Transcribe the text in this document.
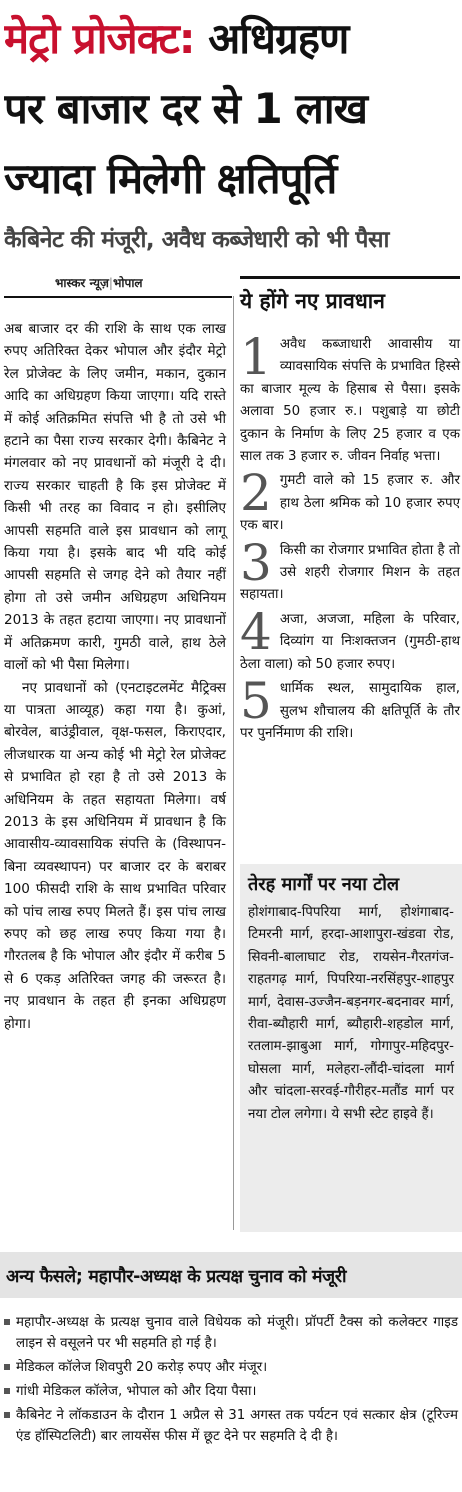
मेट्रो प्रोजेक्ट: अधिग्रहण
पर बाजार दर से 1 लाख
ज्यादा मिलेगी क्षतिपूर्ति
कैबिनेट की मंजूरी, अवैध कब्जेधारी को भी पैसा
भास्कर न्यूज़|भोपाल

अब बाजार दर की राशि के साथ एक लाख रुपए अतिरिक्त देकर भोपाल और इंदौर मेट्रो रेल प्रोजेक्ट के लिए जमीन, मकान, दुकान आदि का अधिग्रहण किया जाएगा। यदि रास्ते में कोई अतिक्रमित संपत्ति भी है तो उसे भी हटाने का पैसा राज्य सरकार देगी। कैबिनेट ने मंगलवार को नए प्रावधानों को मंजूरी दे दी। राज्य सरकार चाहती है कि इस प्रोजेक्ट में किसी भी तरह का विवाद न हो। इसीलिए आपसी सहमति वाले इस प्रावधान को लागू किया गया है। इसके बाद भी यदि कोई आपसी सहमति से जगह देने को तैयार नहीं होगा तो उसे जमीन अधिग्रहण अधिनियम 2013 के तहत हटाया जाएगा। नए प्रावधानों में अतिक्रमण कारी, गुमठी वाले, हाथ ठेले वालों को भी पैसा मिलेगा।

नए प्रावधानों को (एनटाइटलमेंट मैट्रिक्स या पात्रता आव्यूह) कहा गया है। कुआं, बोरवेल, बाउंड्रीवाल, वृक्ष-फसल, किराएदार, लीजधारक या अन्य कोई भी मेट्रो रेल प्रोजेक्ट से प्रभावित हो रहा है तो उसे 2013 के अधिनियम के तहत सहायता मिलेगा। वर्ष 2013 के इस अधिनियम में प्रावधान है कि आवासीय-व्यावसायिक संपत्ति के (विस्थापन-बिना व्यवस्थापन) पर बाजार दर के बराबर 100 फीसदी राशि के साथ प्रभावित परिवार को पांच लाख रुपए मिलते हैं। इस पांच लाख रुपए को छह लाख रुपए किया गया है। गौरतलब है कि भोपाल और इंदौर में करीब 5 से 6 एकड़ अतिरिक्त जगह की जरूरत है। नए प्रावधान के तहत ही इनका अधिग्रहण होगा।

ये होंगे नए प्रावधान
1 अवैध कब्जाधारी आवासीय या व्यावसायिक संपत्ति के प्रभावित हिस्से का बाजार मूल्य के हिसाब से पैसा। इसके अलावा 50 हजार रु.। पशुबाड़े या छोटी दुकान के निर्माण के लिए 25 हजार व एक साल तक 3 हजार रु. जीवन निर्वाह भत्ता।
2 गुमटी वाले को 15 हजार रु. और हाथ ठेला श्रमिक को 10 हजार रुपए एक बार।
3 किसी का रोजगार प्रभावित होता है तो उसे शहरी रोजगार मिशन के तहत सहायता।
4 अजा, अजजा, महिला के परिवार, दिव्यांग या निःशक्तजन (गुमठी-हाथ ठेला वाला) को 50 हजार रुपए।
5 धार्मिक स्थल, सामुदायिक हाल, सुलभ शौचालय की क्षतिपूर्ति के तौर पर पुनर्निमाण की राशि।
तेरह मार्गों पर नया टोल
होशंगाबाद-पिपरिया मार्ग, होशंगाबाद-टिमरनी मार्ग, हरदा-आशापुरा-खंडवा रोड, सिवनी-बालाघाट रोड, रायसेन-गैरतगंज-राहतगढ़ मार्ग, पिपरिया-नरसिंहपुर-शाहपुर मार्ग, देवास-उज्जैन-बड़नगर-बदनावर मार्ग, रीवा-ब्यौहारी मार्ग, ब्यौहारी-शहडोल मार्ग, रतलाम-झाबुआ मार्ग, गोगापुर-महिदपुर-घोसला मार्ग, मलेहरा-लौंदी-चांदला मार्ग और चांदला-सरवई-गौरीहर-मतौंड मार्ग पर नया टोल लगेगा। ये सभी स्टेट हाइवे हैं।
अन्य फैसले; महापौर-अध्यक्ष के प्रत्यक्ष चुनाव को मंजूरी
महापौर-अध्यक्ष के प्रत्यक्ष चुनाव वाले विधेयक को मंजूरी। प्रॉपर्टी टैक्स को कलेक्टर गाइड लाइन से वसूलने पर भी सहमति हो गई है।
मेडिकल कॉलेज शिवपुरी 20 करोड़ रुपए और मंजूर।
गांधी मेडिकल कॉलेज, भोपाल को और दिया पैसा।
कैबिनेट ने लॉकडाउन के दौरान 1 अप्रैल से 31 अगस्त तक पर्यटन एवं सत्कार क्षेत्र (टूरिज्म एंड हॉस्पिटलिटी) बार लायसेंस फीस में छूट देने पर सहमति दे दी है।
